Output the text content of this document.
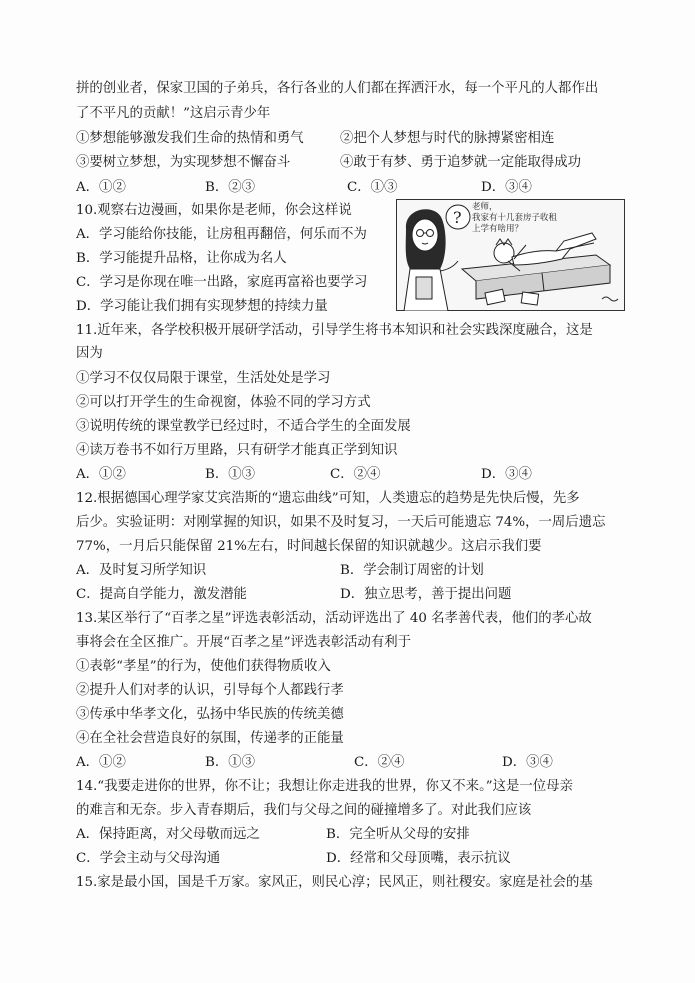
拼的创业者，保家卫国的子弟兵，各行各业的人们都在挥洒汗水，每一个平凡的人都作出
了不平凡的贡献！”这启示青少年
①梦想能够激发我们生命的热情和勇气	②把个人梦想与时代的脉搏紧密相连
③要树立梦想，为实现梦想不懈奋斗	④敢于有梦、勇于追梦就一定能取得成功
A．①②	B．②③	C．①③	D．③④
10.观察右边漫画，如果你是老师，你会这样说
A．学习能给你技能，让房租再翻倍，何乐而不为
B．学习能提升品格，让你成为名人
C．学习是你现在唯一出路，家庭再富裕也要学习
D．学习能让我们拥有实现梦想的持续力量
?
老师，
我家有十几套房子收租
上学有啥用？
11.近年来，各学校积极开展研学活动，引导学生将书本知识和社会实践深度融合，这是
因为
①学习不仅仅局限于课堂，生活处处是学习
②可以打开学生的生命视窗，体验不同的学习方式
③说明传统的课堂教学已经过时，不适合学生的全面发展
④读万卷书不如行万里路，只有研学才能真正学到知识
A．①②	B．①③	C．②④	D．③④
12.根据德国心理学家艾宾浩斯的“遗忘曲线”可知，人类遗忘的趋势是先快后慢，先多
后少。实验证明：对刚掌握的知识，如果不及时复习，一天后可能遗忘 74%，一周后遗忘
77%，一月后只能保留 21%左右，时间越长保留的知识就越少。这启示我们要
A．及时复习所学知识	B．学会制订周密的计划
C．提高自学能力，激发潜能	D．独立思考，善于提出问题
13.某区举行了“百孝之星”评选表彰活动，活动评选出了 40 名孝善代表，他们的孝心故
事将会在全区推广。开展“百孝之星”评选表彰活动有利于
①表彰“孝星”的行为，使他们获得物质收入
②提升人们对孝的认识，引导每个人都践行孝
③传承中华孝文化，弘扬中华民族的传统美德
④在全社会营造良好的氛围，传递孝的正能量
A．①②	B．①③	C．②④	D．③④
14.“我要走进你的世界，你不让；我想让你走进我的世界，你又不来。”这是一位母亲
的难言和无奈。步入青春期后，我们与父母之间的碰撞增多了。对此我们应该
A．保持距离，对父母敬而远之	B．完全听从父母的安排
C．学会主动与父母沟通	D．经常和父母顶嘴，表示抗议
15.家是最小国，国是千万家。家风正，则民心淳；民风正，则社稷安。家庭是社会的基
